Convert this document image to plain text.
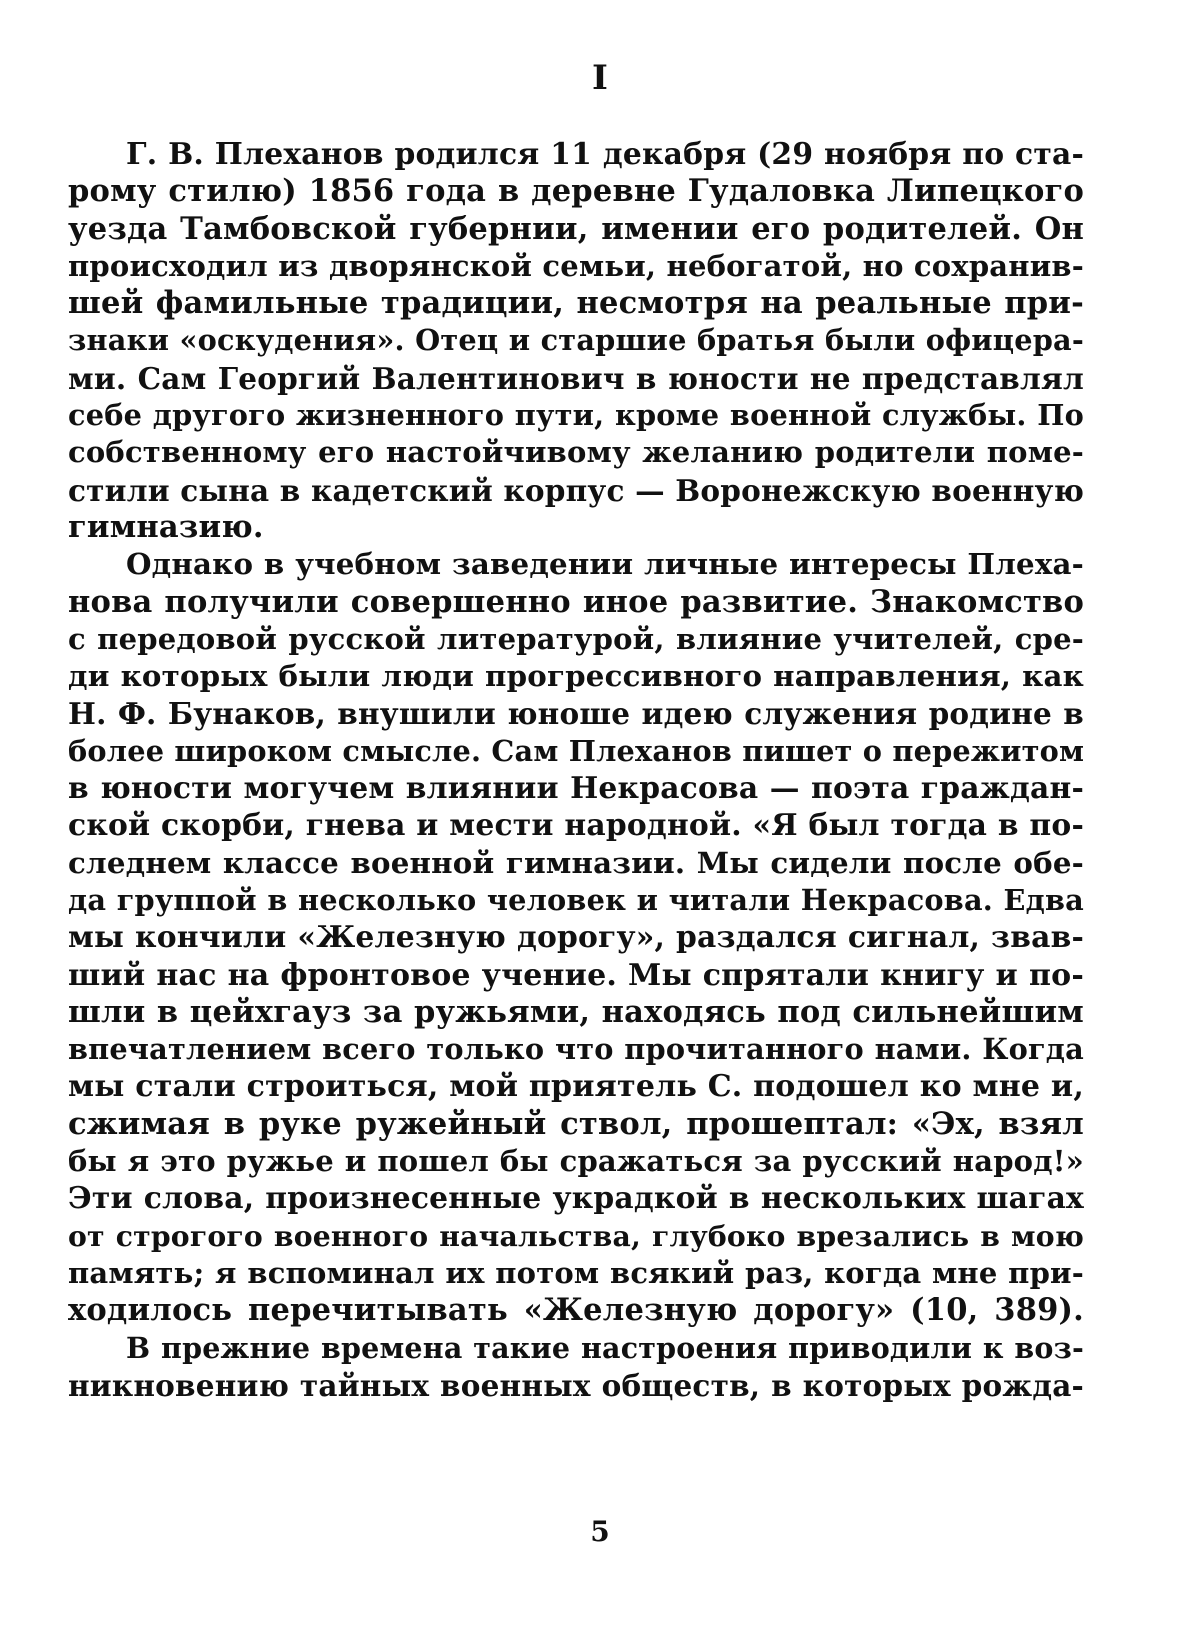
I
Г. В. Плеханов родился 11 декабря (29 ноября по ста-
рому стилю) 1856 года в деревне Гудаловка Липецкого
уезда Тамбовской губернии, имении его родителей. Он
происходил из дворянской семьи, небогатой, но сохранив-
шей фамильные традиции, несмотря на реальные при-
знаки «оскудения». Отец и старшие братья были офицера-
ми. Сам Георгий Валентинович в юности не представлял
себе другого жизненного пути, кроме военной службы. По
собственному его настойчивому желанию родители поме-
стили сына в кадетский корпус — Воронежскую военную
гимназию.
Однако в учебном заведении личные интересы Плеха-
нова получили совершенно иное развитие. Знакомство
с передовой русской литературой, влияние учителей, сре-
ди которых были люди прогрессивного направления, как
Н. Ф. Бунаков, внушили юноше идею служения родине в
более широком смысле. Сам Плеханов пишет о пережитом
в юности могучем влиянии Некрасова — поэта граждан-
ской скорби, гнева и мести народной. «Я был тогда в по-
следнем классе военной гимназии. Мы сидели после обе-
да группой в несколько человек и читали Некрасова. Едва
мы кончили «Железную дорогу», раздался сигнал, звав-
ший нас на фронтовое учение. Мы спрятали книгу и по-
шли в цейхгауз за ружьями, находясь под сильнейшим
впечатлением всего только что прочитанного нами. Когда
мы стали строиться, мой приятель С. подошел ко мне и,
сжимая в руке ружейный ствол, прошептал: «Эх, взял
бы я это ружье и пошел бы сражаться за русский народ!»
Эти слова, произнесенные украдкой в нескольких шагах
от строгого военного начальства, глубоко врезались в мою
память; я вспоминал их потом всякий раз, когда мне при-
ходилось перечитывать «Железную дорогу» (10, 389).
В прежние времена такие настроения приводили к воз-
никновению тайных военных обществ, в которых рожда-
5
